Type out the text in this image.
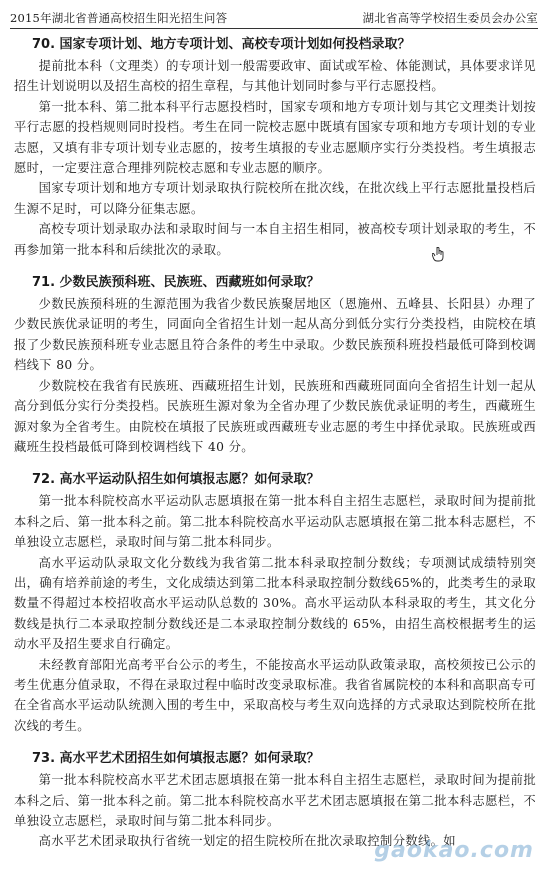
2015年湖北省普通高校招生阳光招生问答	湖北省高等学校招生委员会办公室
70. 国家专项计划、地方专项计划、高校专项计划如何投档录取？

提前批本科（文理类）的专项计划一般需要政审、面试或军检、体能测试，具体要求详见招生计划说明以及招生高校的招生章程，与其他计划同时参与平行志愿投档。

第一批本科、第二批本科平行志愿投档时，国家专项和地方专项计划与其它文理类计划按平行志愿的投档规则同时投档。考生在同一院校志愿中既填有国家专项和地方专项计划的专业志愿，又填有非专项计划专业志愿的，按考生填报的专业志愿顺序实行分类投档。考生填报志愿时，一定要注意合理排列院校志愿和专业志愿的顺序。

国家专项计划和地方专项计划录取执行院校所在批次线，在批次线上平行志愿批量投档后生源不足时，可以降分征集志愿。

高校专项计划录取办法和录取时间与一本自主招生相同，被高校专项计划录取的考生，不再参加第一批本科和后续批次的录取。

71. 少数民族预科班、民族班、西藏班如何录取？

少数民族预科班的生源范围为我省少数民族聚居地区（恩施州、五峰县、长阳县）办理了少数民族优录证明的考生，同面向全省招生计划一起从高分到低分实行分类投档，由院校在填报了少数民族预科班专业志愿且符合条件的考生中录取。少数民族预科班投档最低可降到校调档线下 80 分。

少数院校在我省有民族班、西藏班招生计划，民族班和西藏班同面向全省招生计划一起从高分到低分实行分类投档。民族班生源对象为全省办理了少数民族优录证明的考生，西藏班生源对象为全省考生。由院校在填报了民族班或西藏班专业志愿的考生中择优录取。民族班或西藏班生投档最低可降到校调档线下 40 分。

72. 高水平运动队招生如何填报志愿？如何录取？

第一批本科院校高水平运动队志愿填报在第一批本科自主招生志愿栏，录取时间为提前批本科之后、第一批本科之前。第二批本科院校高水平运动队志愿填报在第二批本科志愿栏，不单独设立志愿栏，录取时间与第二批本科同步。

高水平运动队录取文化分数线为我省第二批本科录取控制分数线；专项测试成绩特别突出，确有培养前途的考生，文化成绩达到第二批本科录取控制分数线65%的，此类考生的录取数量不得超过本校招收高水平运动队总数的 30%。高水平运动队本科录取的考生，其文化分数线是执行二本录取控制分数线还是二本录取控制分数线的 65%，由招生高校根据考生的运动水平及招生要求自行确定。

未经教育部阳光高考平台公示的考生，不能按高水平运动队政策录取，高校须按已公示的考生优惠分值录取，不得在录取过程中临时改变录取标准。我省省属院校的本科和高职高专可在全省高水平运动队统测入围的考生中，采取高校与考生双向选择的方式录取达到院校所在批次线的考生。

73. 高水平艺术团招生如何填报志愿？如何录取？

第一批本科院校高水平艺术团志愿填报在第一批本科自主招生志愿栏，录取时间为提前批本科之后、第一批本科之前。第二批本科院校高水平艺术团志愿填报在第二批本科志愿栏，不单独设立志愿栏，录取时间与第二批本科同步。

高水平艺术团录取执行省统一划定的招生院校所在批次录取控制分数线。如

gaokao.com
